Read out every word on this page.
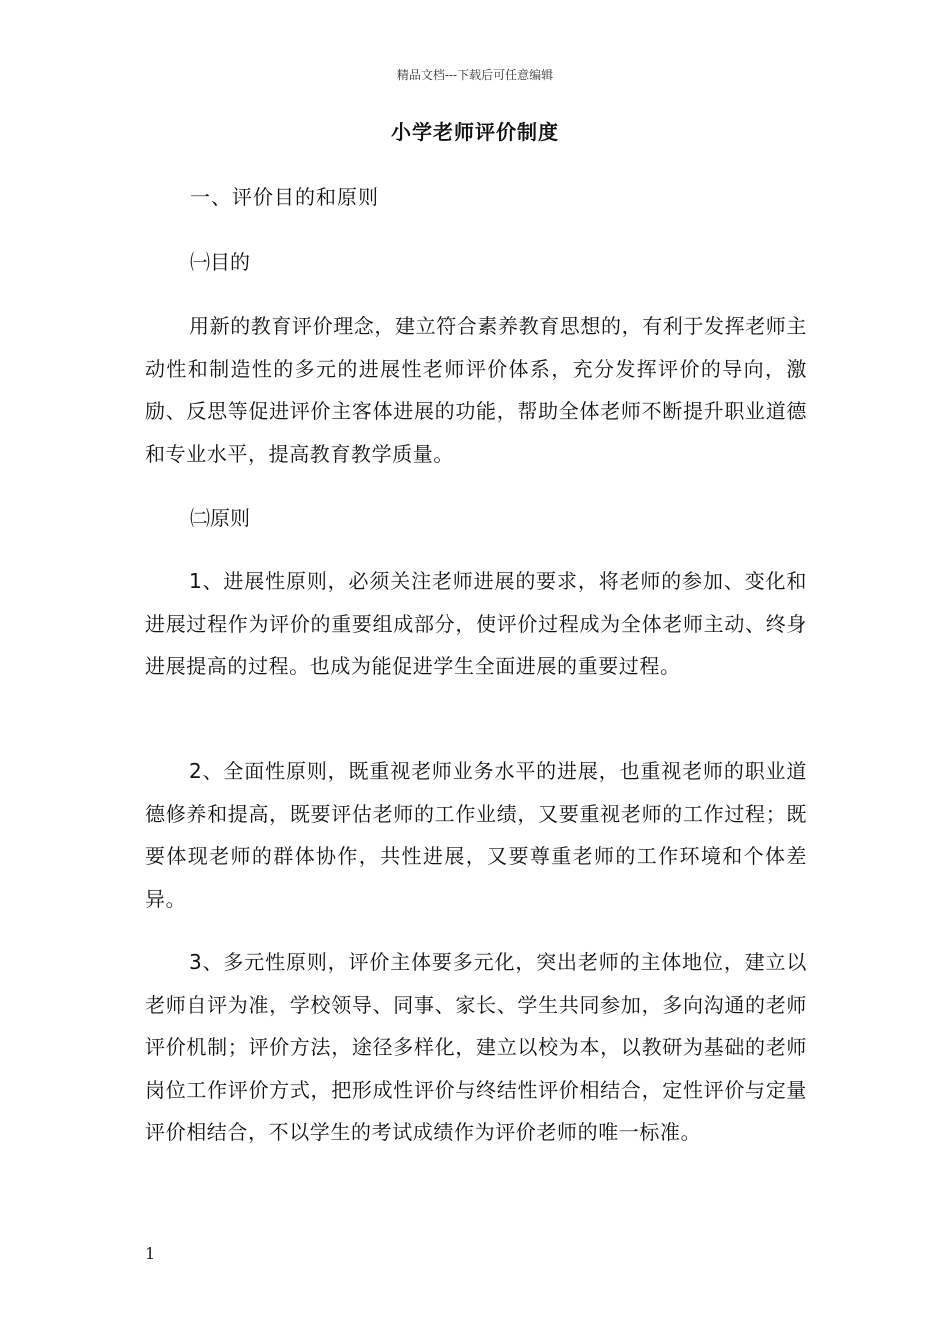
精品文档---下载后可任意编辑
小学老师评价制度
一、评价目的和原则
㈠目的
用新的教育评价理念，建立符合素养教育思想的，有利于发挥老师主动性和制造性的多元的进展性老师评价体系，充分发挥评价的导向，激励、反思等促进评价主客体进展的功能，帮助全体老师不断提升职业道德和专业水平，提高教育教学质量。
㈡原则
1、进展性原则，必须关注老师进展的要求，将老师的参加、变化和进展过程作为评价的重要组成部分，使评价过程成为全体老师主动、终身进展提高的过程。也成为能促进学生全面进展的重要过程。
2、全面性原则，既重视老师业务水平的进展，也重视老师的职业道德修养和提高，既要评估老师的工作业绩，又要重视老师的工作过程；既要体现老师的群体协作，共性进展，又要尊重老师的工作环境和个体差异。
3、多元性原则，评价主体要多元化，突出老师的主体地位，建立以老师自评为准，学校领导、同事、家长、学生共同参加，多向沟通的老师评价机制；评价方法，途径多样化，建立以校为本，以教研为基础的老师岗位工作评价方式，把形成性评价与终结性评价相结合，定性评价与定量评价相结合，不以学生的考试成绩作为评价老师的唯一标准。
1
